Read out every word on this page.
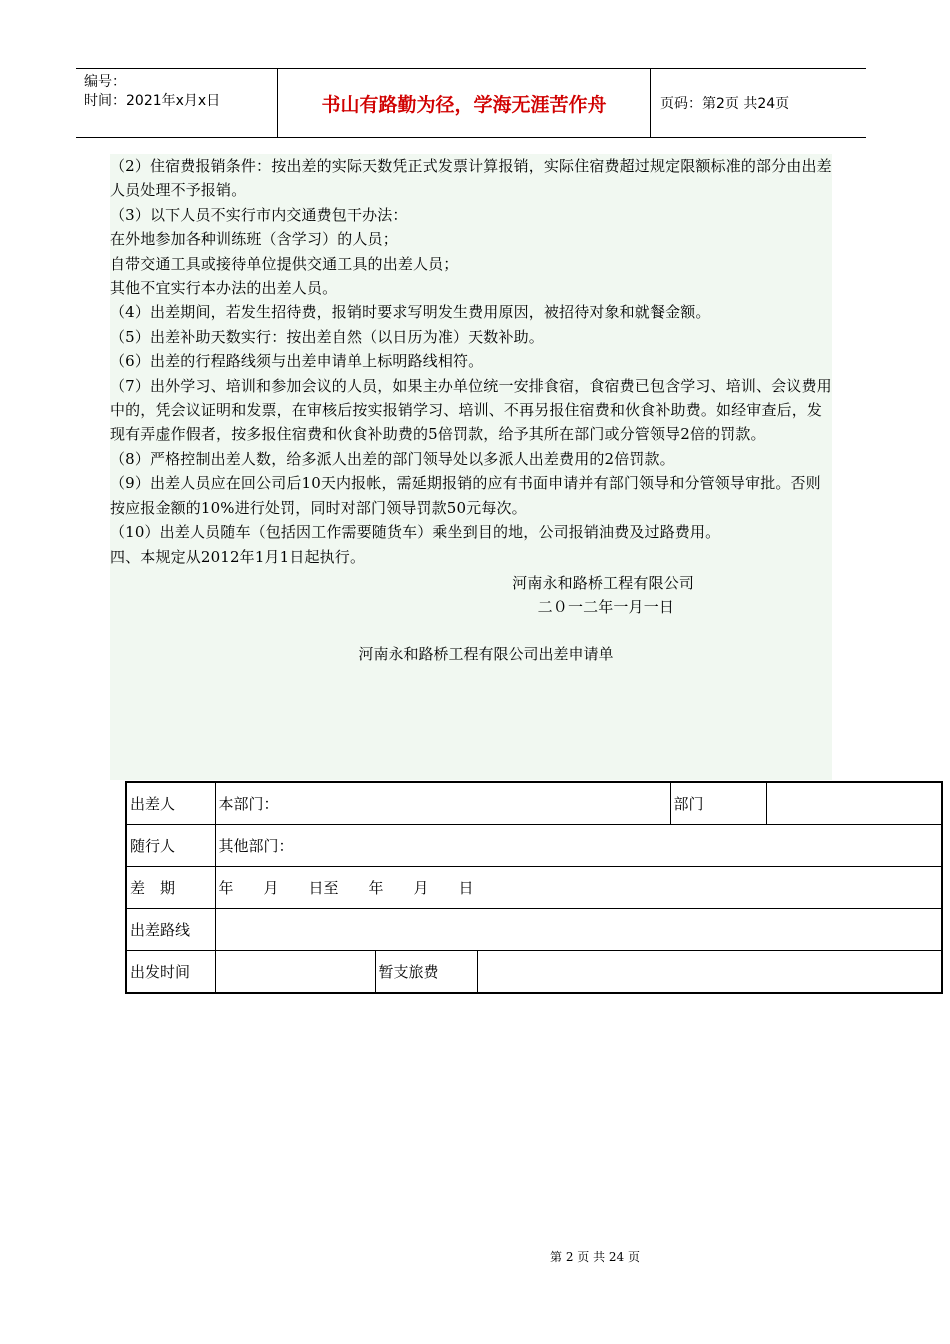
编号：
时间：2021年x月x日	书山有路勤为径，学海无涯苦作舟	页码：第2页 共24页

（2）住宿费报销条件：按出差的实际天数凭正式发票计算报销，实际住宿费超过规定限额标准的部分由出差人员处理不予报销。

（3）以下人员不实行市内交通费包干办法：

在外地参加各种训练班（含学习）的人员；

自带交通工具或接待单位提供交通工具的出差人员；

其他不宜实行本办法的出差人员。

（4）出差期间，若发生招待费，报销时要求写明发生费用原因，被招待对象和就餐金额。

（5）出差补助天数实行：按出差自然（以日历为准）天数补助。

（6）出差的行程路线须与出差申请单上标明路线相符。

（7）出外学习、培训和参加会议的人员，如果主办单位统一安排食宿，食宿费已包含学习、培训、会议费用中的，凭会议证明和发票，在审核后按实报销学习、培训、不再另报住宿费和伙食补助费。如经审查后，发现有弄虚作假者，按多报住宿费和伙食补助费的5倍罚款，给予其所在部门或分管领导2倍的罚款。

（8）严格控制出差人数，给多派人出差的部门领导处以多派人出差费用的2倍罚款。

（9）出差人员应在回公司后10天内报帐，需延期报销的应有书面申请并有部门领导和分管领导审批。否则按应报金额的10%进行处罚，同时对部门领导罚款50元每次。

（10）出差人员随车（包括因工作需要随货车）乘坐到目的地，公司报销油费及过路费用。

四、本规定从2012年1月1日起执行。

河南永和路桥工程有限公司

二０一二年一月一日

河南永和路桥工程有限公司出差申请单

出差人	本部门：			部门	
随行人	其他部门：				
差　期	年　　月　　日至　　年　　月　　日				
出差路线					
出发时间		暂支旅费			
第 2 页 共 24 页
